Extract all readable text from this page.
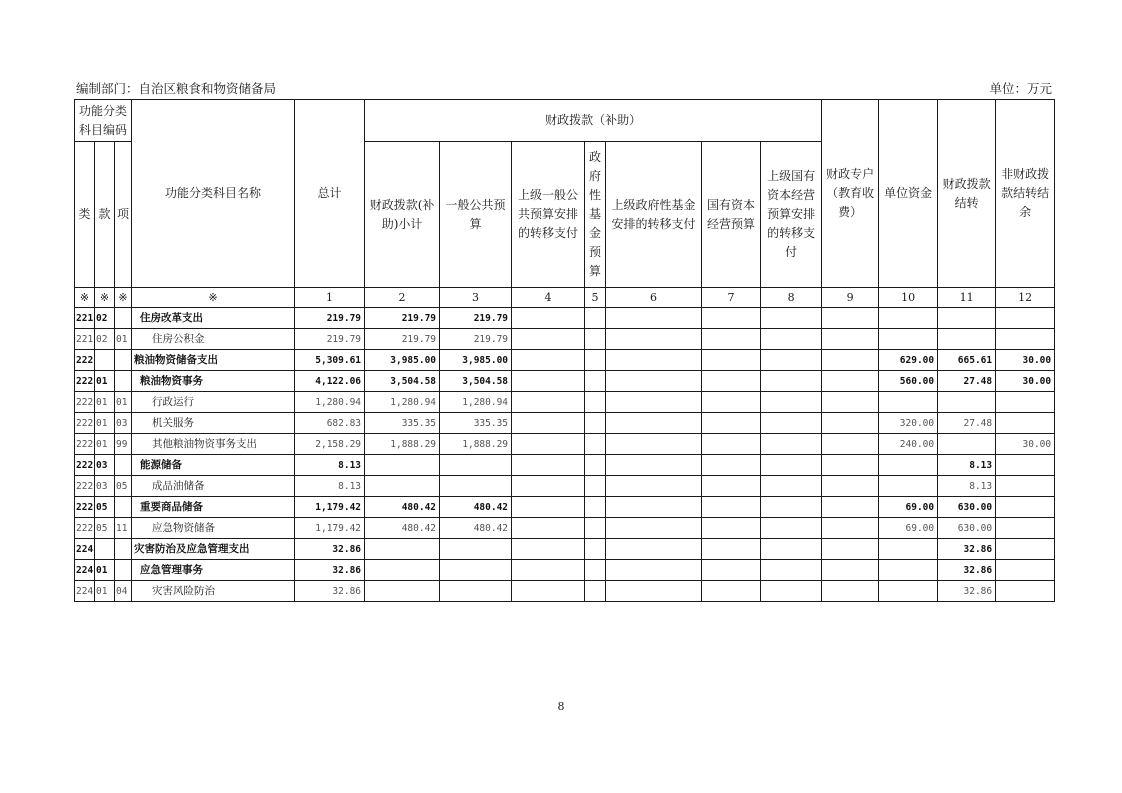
编制部门：自治区粮食和物资储备局	单位：万元
功能分类科目编码			功能分类科目名称	总计	财政拨款（补助）							财政专户（教育收费）	单位资金	财政拨款结转	非财政拨款结转结余
类	款	项			财政拨款(补助)小计	一般公共预算	上级一般公共预算安排的转移支付	政府性基金预算	上级政府性基金安排的转移支付	国有资本经营预算	上级国有资本经营预算安排的转移支付				
※	※	※	※	1	2	3	4	5	6	7	8	9	10	11	12
221	02		住房改革支出	219.79	219.79	219.79									
221	02	01	住房公积金	219.79	219.79	219.79									
222			粮油物资储备支出	5,309.61	3,985.00	3,985.00							629.00	665.61	30.00
222	01		粮油物资事务	4,122.06	3,504.58	3,504.58							560.00	27.48	30.00
222	01	01	行政运行	1,280.94	1,280.94	1,280.94									
222	01	03	机关服务	682.83	335.35	335.35							320.00	27.48	
222	01	99	其他粮油物资事务支出	2,158.29	1,888.29	1,888.29							240.00		30.00
222	03		能源储备	8.13										8.13	
222	03	05	成品油储备	8.13										8.13	
222	05		重要商品储备	1,179.42	480.42	480.42							69.00	630.00	
222	05	11	应急物资储备	1,179.42	480.42	480.42							69.00	630.00	
224			灾害防治及应急管理支出	32.86										32.86	
224	01		应急管理事务	32.86										32.86	
224	01	04	灾害风险防治	32.86										32.86	
8
